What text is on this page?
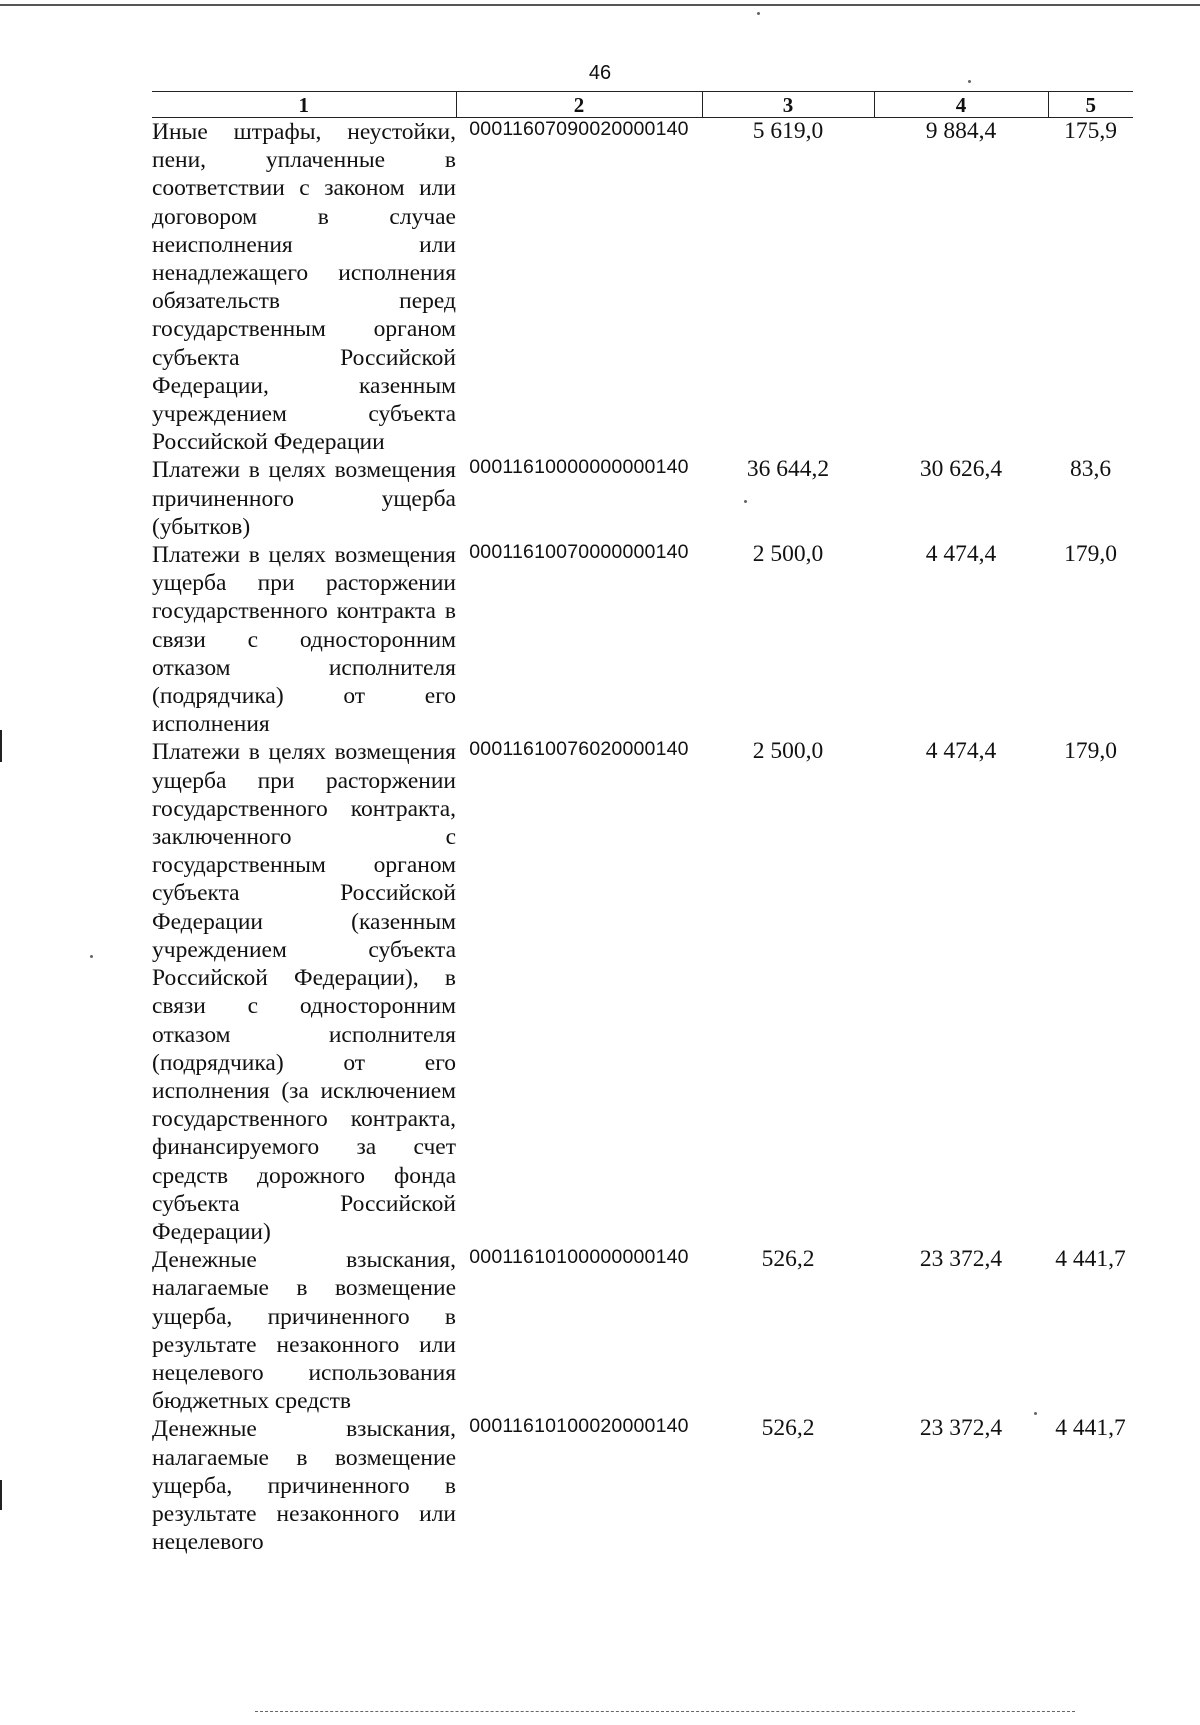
46
1	2	3	4	5
Иные штрафы, неустойки, пени, уплаченные в соответствии с законом или договором в случае неисполнения или ненадлежащего исполнения обязательств перед государственным органом субъекта Российской Федерации, казенным учреждением субъекта Российской Федерации	00011607090020000140	5 619,0	9 884,4	175,9
Платежи в целях возмещения причиненного ущерба (убытков)	00011610000000000140	36 644,2	30 626,4	83,6
Платежи в целях возмещения ущерба при расторжении государственного контракта в связи с односторонним отказом исполнителя (подрядчика) от его исполнения	00011610070000000140	2 500,0	4 474,4	179,0
Платежи в целях возмещения ущерба при расторжении государственного контракта, заключенного с государственным органом субъекта Российской Федерации (казенным учреждением субъекта Российской Федерации), в связи с односторонним отказом исполнителя (подрядчика) от его исполнения (за исключением государственного контракта, финансируемого за счет средств дорожного фонда субъекта Российской Федерации)	00011610076020000140	2 500,0	4 474,4	179,0
Денежные взыскания, налагаемые в возмещение ущерба, причиненного в результате незаконного или нецелевого использования бюджетных средств	00011610100000000140	526,2	23 372,4	4 441,7
Денежные взыскания, налагаемые в возмещение ущерба, причиненного в результате незаконного или нецелевого	00011610100020000140	526,2	23 372,4	4 441,7
